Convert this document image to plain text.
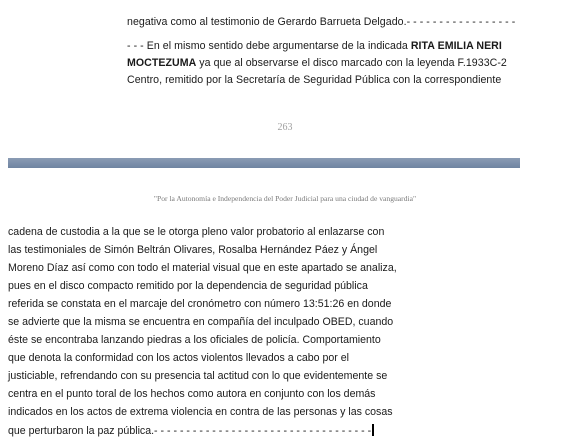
negativa como al testimonio de Gerardo Barrueta Delgado.- - - - - - - - - - - - - - - - -
- - - En el mismo sentido debe argumentarse de la indicada RITA EMILIA NERI
MOCTEZUMA ya que al observarse el disco marcado con la leyenda F.1933C-2
Centro, remitido por la Secretaría de Seguridad Pública con la correspondiente
263
"Por la Autonomía e Independencia del Poder Judicial para una ciudad de vanguardia"
cadena de custodia a la que se le otorga pleno valor probatorio al enlazarse con
las testimoniales de Simón Beltrán Olivares, Rosalba Hernández Páez y Ángel
Moreno Díaz así como con todo el material visual que en este apartado se analiza,
pues en el disco compacto remitido por la dependencia de seguridad pública
referida se constata en el marcaje del cronómetro con número 13:51:26 en donde
se advierte que la misma se encuentra en compañía del inculpado OBED, cuando
éste se encontraba lanzando piedras a los oficiales de policía. Comportamiento
que denota la conformidad con los actos violentos llevados a cabo por el
justiciable, refrendando con su presencia tal actitud con lo que evidentemente se
centra en el punto toral de los hechos como autora en conjunto con los demás
indicados en los actos de extrema violencia en contra de las personas y las cosas
que perturbaron la paz pública.- - - - - - - - - - - - - - - - - - - - - - - - - - - - - - - - - -
